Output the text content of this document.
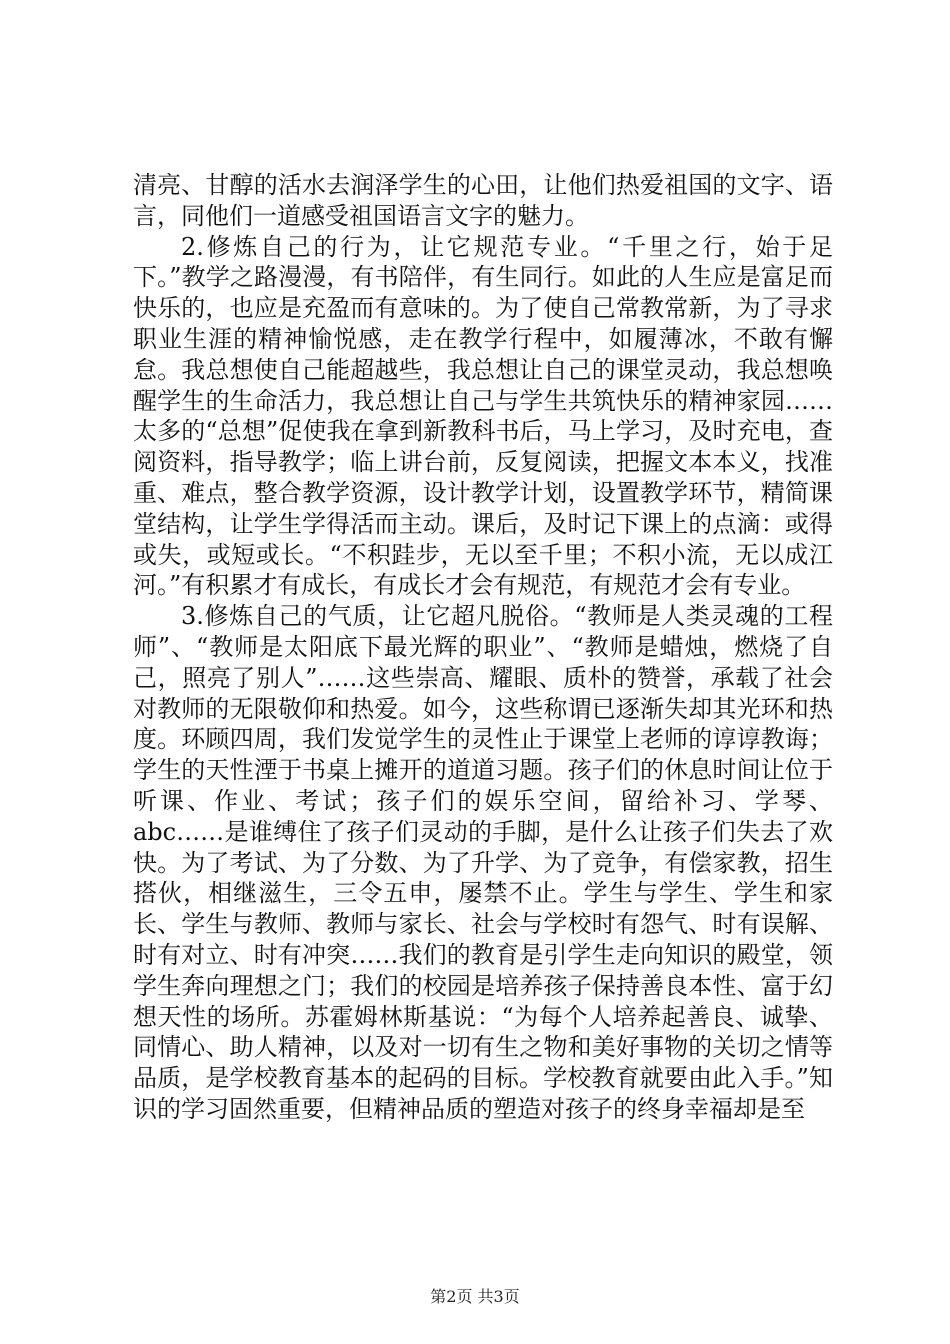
清亮、甘醇的活水去润泽学生的心田，让他们热爱祖国的文字、语言，同他们一道感受祖国语言文字的魅力。

2.修炼自己的行为，让它规范专业。“千里之行，始于足下。”教学之路漫漫，有书陪伴，有生同行。如此的人生应是富足而快乐的，也应是充盈而有意味的。为了使自己常教常新，为了寻求职业生涯的精神愉悦感，走在教学行程中，如履薄冰，不敢有懈怠。我总想使自己能超越些，我总想让自己的课堂灵动，我总想唤醒学生的生命活力，我总想让自己与学生共筑快乐的精神家园……太多的“总想”促使我在拿到新教科书后，马上学习，及时充电，查阅资料，指导教学；临上讲台前，反复阅读，把握文本本义，找准重、难点，整合教学资源，设计教学计划，设置教学环节，精简课堂结构，让学生学得活而主动。课后，及时记下课上的点滴：或得或失，或短或长。“不积跬步，无以至千里；不积小流，无以成江河。”有积累才有成长，有成长才会有规范，有规范才会有专业。

3.修炼自己的气质，让它超凡脱俗。“教师是人类灵魂的工程师”、“教师是太阳底下最光辉的职业”、“教师是蜡烛，燃烧了自己，照亮了别人”……这些崇高、耀眼、质朴的赞誉，承载了社会对教师的无限敬仰和热爱。如今，这些称谓已逐渐失却其光环和热度。环顾四周，我们发觉学生的灵性止于课堂上老师的谆谆教诲；学生的天性湮于书桌上摊开的道道习题。孩子们的休息时间让位于听课、作业、考试；孩子们的娱乐空间，留给补习、学琴、abc……是谁缚住了孩子们灵动的手脚，是什么让孩子们失去了欢快。为了考试、为了分数、为了升学、为了竞争，有偿家教，招生搭伙，相继滋生，三令五申，屡禁不止。学生与学生、学生和家长、学生与教师、教师与家长、社会与学校时有怨气、时有误解、时有对立、时有冲突……我们的教育是引学生走向知识的殿堂，领学生奔向理想之门；我们的校园是培养孩子保持善良本性、富于幻想天性的场所。苏霍姆林斯基说：“为每个人培养起善良、诚挚、同情心、助人精神，以及对一切有生之物和美好事物的关切之情等品质，是学校教育基本的起码的目标。学校教育就要由此入手。”知识的学习固然重要，但精神品质的塑造对孩子的终身幸福却是至

第2页 共3页
